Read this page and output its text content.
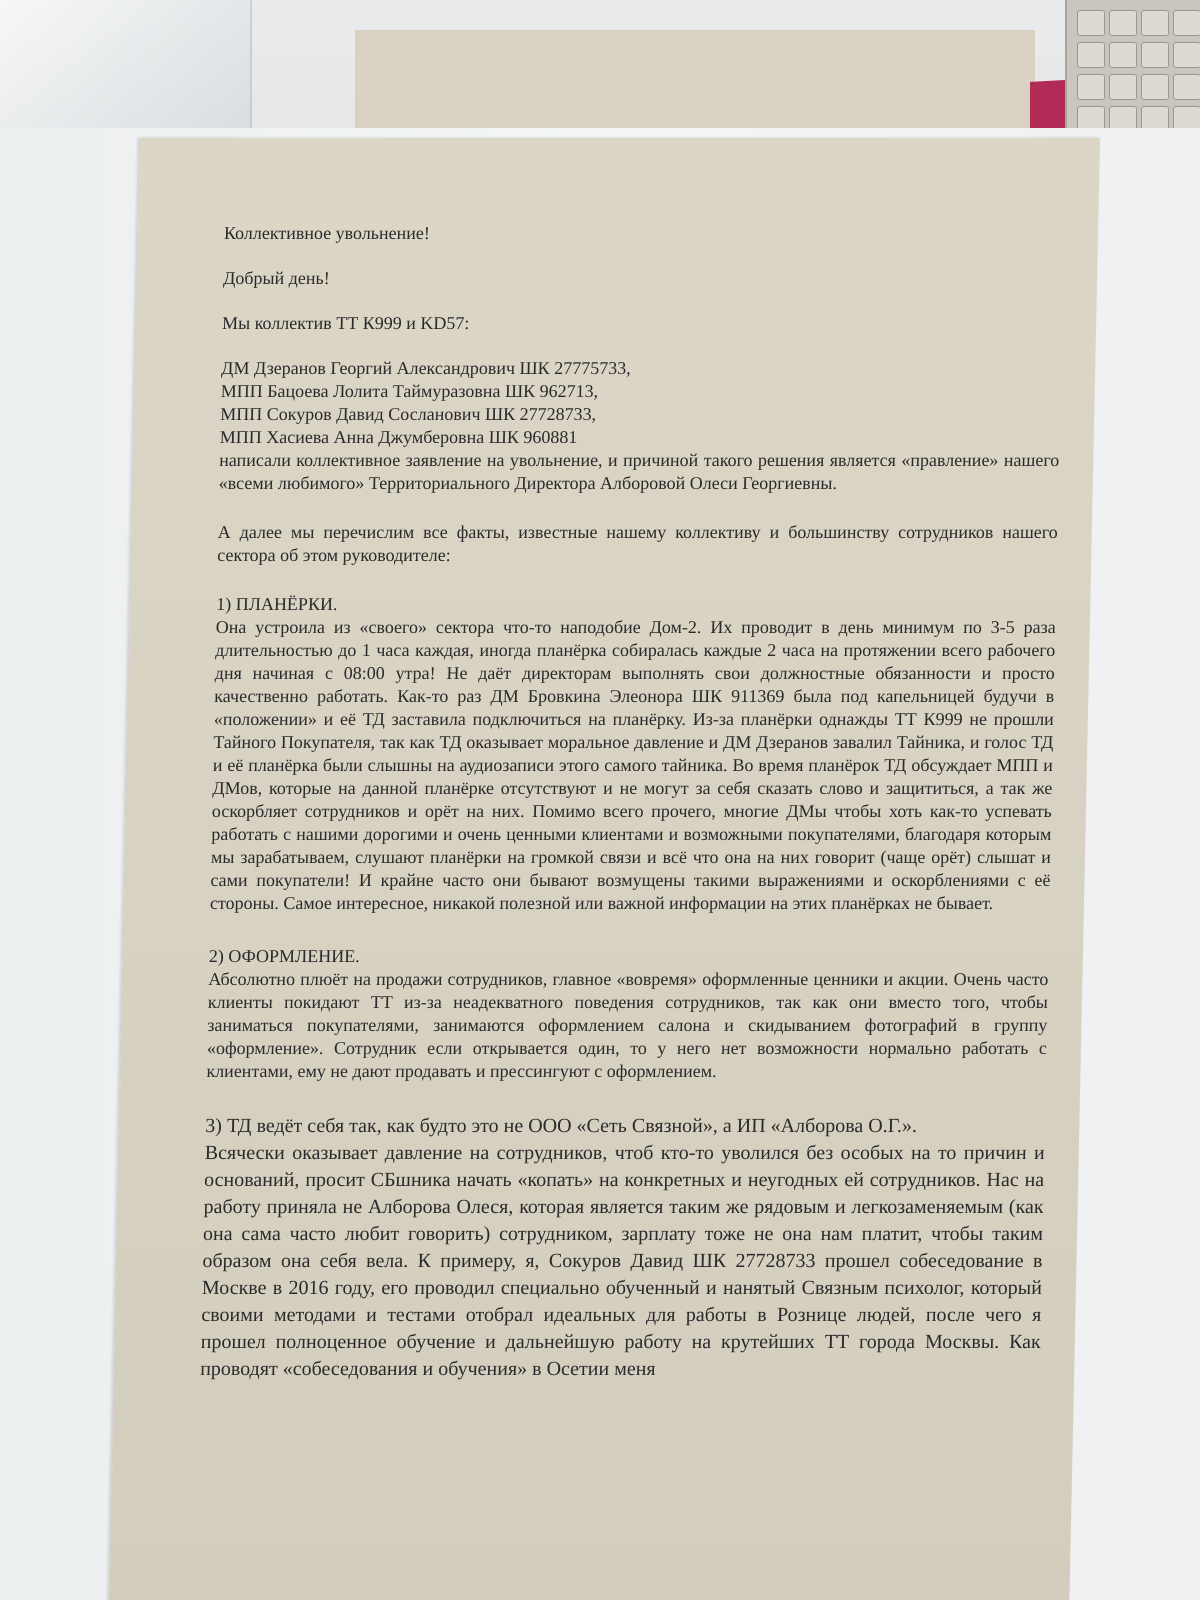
Коллективное увольнение!

Добрый день!

Мы коллектив ТТ К999 и KD57:

ДМ Дзеранов Георгий Александрович ШК 27775733,
МПП Бацоева Лолита Таймуразовна ШК 962713,
МПП Сокуров Давид Сосланович ШК 27728733,
МПП Хасиева Анна Джумберовна ШК 960881

написали коллективное заявление на увольнение, и причиной такого решения является «правление» нашего «всеми любимого» Территориального Директора Алборовой Олеси Георгиевны.

А далее мы перечислим все факты, известные нашему коллективу и большинству сотрудников нашего сектора об этом руководителе:

1) ПЛАНЁРКИ.

Она устроила из «своего» сектора что-то наподобие Дом-2. Их проводит в день минимум по 3-5 раза длительностью до 1 часа каждая, иногда планёрка собиралась каждые 2 часа на протяжении всего рабочего дня начиная с 08:00 утра! Не даёт директорам выполнять свои должностные обязанности и просто качественно работать. Как-то раз ДМ Бровкина Элеонора ШК 911369 была под капельницей будучи в «положении» и её ТД заставила подключиться на планёрку. Из-за планёрки однажды ТТ К999 не прошли Тайного Покупателя, так как ТД оказывает моральное давление и ДМ Дзеранов завалил Тайника, и голос ТД и её планёрка были слышны на аудиозаписи этого самого тайника. Во время планёрок ТД обсуждает МПП и ДМов, которые на данной планёрке отсутствуют и не могут за себя сказать слово и защититься, а так же оскорбляет сотрудников и орёт на них. Помимо всего прочего, многие ДМы чтобы хоть как-то успевать работать с нашими дорогими и очень ценными клиентами и возможными покупателями, благодаря которым мы зарабатываем, слушают планёрки на громкой связи и всё что она на них говорит (чаще орёт) слышат и сами покупатели! И крайне часто они бывают возмущены такими выражениями и оскорблениями с её стороны. Самое интересное, никакой полезной или важной информации на этих планёрках не бывает.

2) ОФОРМЛЕНИЕ.

Абсолютно плюёт на продажи сотрудников, главное «вовремя» оформленные ценники и акции. Очень часто клиенты покидают ТТ из-за неадекватного поведения сотрудников, так как они вместо того, чтобы заниматься покупателями, занимаются оформлением салона и скидыванием фотографий в группу «оформление». Сотрудник если открывается один, то у него нет возможности нормально работать с клиентами, ему не дают продавать и прессингуют с оформлением.

3) ТД ведёт себя так, как будто это не ООО «Сеть Связной», а ИП «Алборова О.Г.».

Всячески оказывает давление на сотрудников, чтоб кто-то уволился без особых на то причин и оснований, просит СБшника начать «копать» на конкретных и неугодных ей сотрудников. Нас на работу приняла не Алборова Олеся, которая является таким же рядовым и легкозаменяемым (как она сама часто любит говорить) сотрудником, зарплату тоже не она нам платит, чтобы таким образом она себя вела. К примеру, я, Сокуров Давид ШК 27728733 прошел собеседование в Москве в 2016 году, его проводил специально обученный и нанятый Связным психолог, который своими методами и тестами отобрал идеальных для работы в Рознице людей, после чего я прошел полноценное обучение и дальнейшую работу на крутейших ТТ города Москвы. Как проводят «собеседования и обучения» в Осетии меня
